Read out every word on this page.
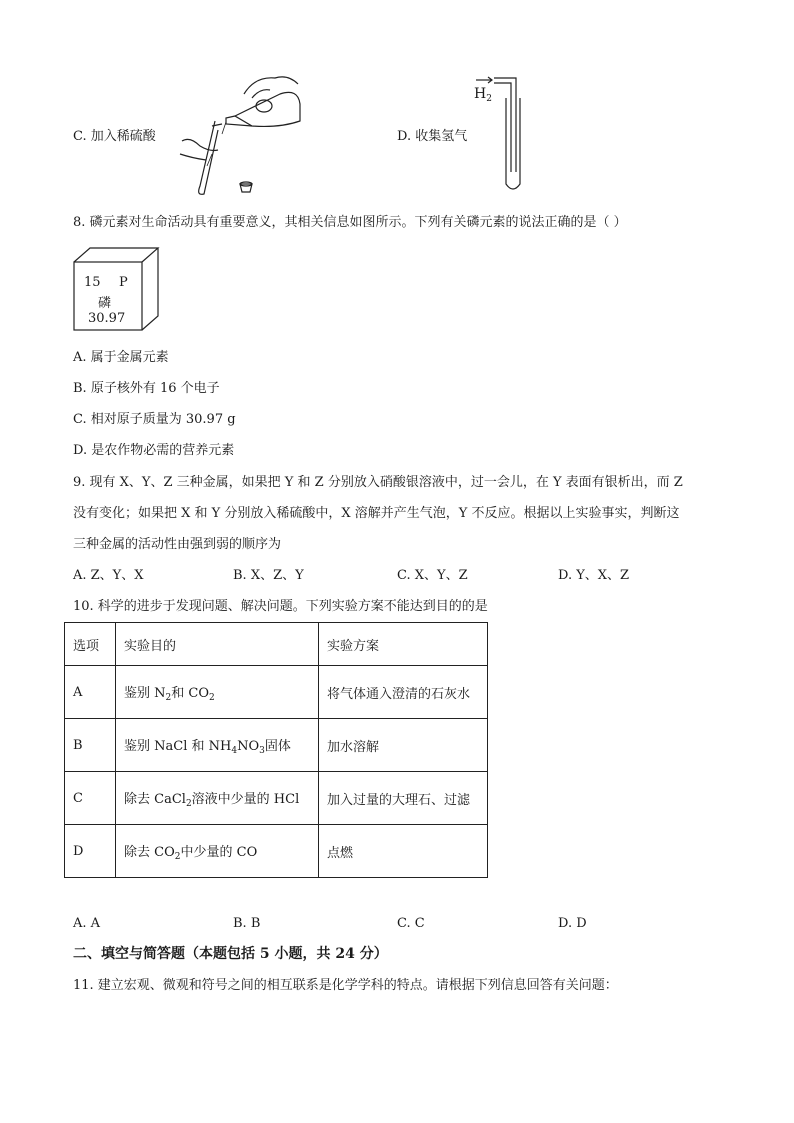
C. 加入稀硫酸	D. 收集氢气
$H_2$
8. 磷元素对生命活动具有重要意义，其相关信息如图所示。下列有关磷元素的说法正确的是（ ）
15 P
磷
30.97
A. 属于金属元素
B. 原子核外有 16 个电子
C. 相对原子质量为 30.97 g
D. 是农作物必需的营养元素
9. 现有 X、Y、Z 三种金属，如果把 Y 和 Z 分别放入硝酸银溶液中，过一会儿，在 Y 表面有银析出，而 Z
没有变化；如果把 X 和 Y 分别放入稀硫酸中，X 溶解并产生气泡，Y 不反应。根据以上实验事实，判断这
三种金属的活动性由强到弱的顺序为
A. Z、Y、X	B. X、Z、Y	C. X、Y、Z	D. Y、X、Z
10. 科学的进步于发现问题、解决问题。下列实验方案不能达到目的的是
选项	实验目的	实验方案
A	鉴别 $N_2$和 $CO_2$	将气体通入澄清的石灰水
B	鉴别 NaCl 和 $NH_4NO_3$固体	加水溶解
C	除去 CaCl$_2$溶液中少量的 HCl	加入过量的大理石、过滤
D	除去 $CO_2$中少量的 CO	点燃
A. A	B. B	C. C	D. D
二、填空与简答题（本题包括 5 小题，共 24 分）
11. 建立宏观、微观和符号之间的相互联系是化学学科的特点。请根据下列信息回答有关问题：
